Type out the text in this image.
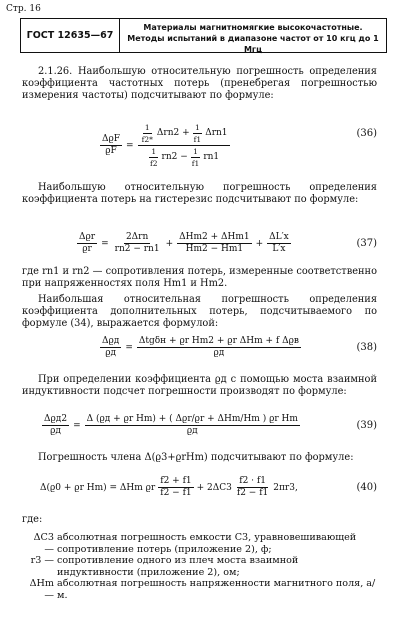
Стр. 16
ГОСТ 12635—67
Материалы магнитномягкие высокочастотные. Методы испытаний в диапазоне частот от 10 кгц до 1 Мгц
2.1.26. Наибольшую относительную погрешность определения коэффициента частотных потерь (пренебрегая погрешностью измерения частоты) подсчитывают по формуле:
$\frac{\text{ΔϱF}}{ϱF} = \frac{\frac{1}{f2*} \Delta rn2 + \frac{1}{f1} \Delta rn1}{\frac{1}{f2} rn2 - \frac{1}{f1} rn1}$	(36)
Наибольшую относительную погрешность определения коэффициента потерь на гистерезис подсчитывают по формуле:
$\frac{\text{Δϱr}}{ϱr} = \frac{\text{2Δrn}}{rn2 - rn1} + \frac{\text{ΔHm2 + ΔHm1}}{Hm2 - Hm1} + \frac{\Delta L'x}{L'x}$	(37)
где rn1 и rn2 — сопротивления потерь, измеренные соответственно при напряженностях поля Hm1 и Hm2.
Наибольшая относительная погрешность определения коэффициента дополнительных потерь, подсчитываемого по формуле (34), выражается формулой:
$\frac{\text{Δϱд}}{ϱд} = \frac{\text{Δtgδн + ϱr Hm2 + ϱr ΔHm + f Δϱв}}{ϱд}$	(38)
При определении коэффициента ϱд с помощью моста взаимной индуктивности подсчет погрешности производят по формуле:
$\frac{\text{Δϱд2}}{ϱд} = \frac{\text{Δ (ϱд + ϱr Hm) + ( Δϱr/ϱr + ΔHm/Hm ) ϱr Hm}}{ϱд}$	(39)
Погрешность члена Δ(ϱ3+ϱrHm) подсчитывают по формуле:
Δ(ϱ0 + ϱr Hm) = ΔHm ϱr $\frac{f2 + f1}{f2 - f1} + 2\Delta C3 \frac{f2 \cdot f1}{f2 - f1} 2\pi r3$,	(40)
где:
ΔC3 —
абсолютная погрешность емкости C3, уравновешивающей сопротивление потерь (приложение 2), ф;
r3 — сопротивление одного из плеч моста взаимной индуктивности (приложение 2), ом;
ΔHm —
абсолютная погрешность напряженности магнитного поля, а/м.
